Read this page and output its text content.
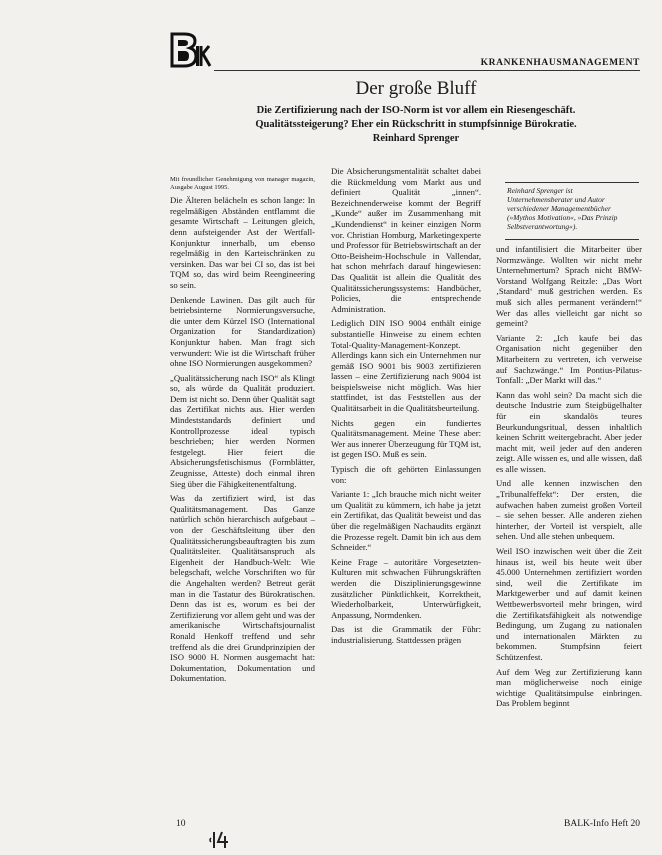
KRANKENHAUSMANAGEMENT
Der große Bluff
Die Zertifizierung nach der ISO-Norm ist vor allem ein Riesengeschäft. Qualitätssteigerung? Eher ein Rückschritt in stumpfsinnige Bürokratie.
Reinhard Sprenger

Mit freundlicher Genehmigung von manager magazin, Ausgabe August 1995.

Die Älteren belächeln es schon lange: In regelmäßigen Abständen entflammt die gesamte Wirtschaft – Leitungen gleich, denn aufsteigender Ast der Wertfall-Konjunktur innerhalb, um ebenso regelmäßig in den Karteischränken zu versinken. Das war bei CI so, das ist bei TQM so, das wird beim Reengineering so sein.

Denkende Lawinen. Das gilt auch für betriebsinterne Normierungsversuche, die unter dem Kürzel ISO (International Organization for Standardization) Konjunktur haben. Man fragt sich verwundert: Wie ist die Wirtschaft früher ohne ISO Normierungen ausgekommen?

„Qualitätssicherung nach ISO“ als Klingt so, als würde da Qualität produziert. Dem ist nicht so. Denn über Qualität sagt das Zertifikat nichts aus. Hier werden Mindeststandards definiert und Kontrollprozesse ideal typisch beschrieben; hier werden Normen festgelegt. Hier feiert die Absicherungsfetischismus (Formblätter, Zeugnisse, Atteste) doch einmal ihren Sieg über die Fähigkeitenentfaltung.

Was da zertifiziert wird, ist das Qualitätsmanagement. Das Ganze natürlich schön hierarchisch aufgebaut – von der Geschäftsleitung über den Qualitätssicherungsbeauftragten bis zum Qualitätsleiter. Qualitätsanspruch als Eigenheit der Handbuch-Welt: Wie belegschaft, welche Vorschriften wo für die Angehalten werden? Betreut gerät man in die Tastatur des Bürokratischen. Denn das ist es, worum es bei der Zertifizierung vor allem geht und was der amerikanische Wirtschaftsjournalist Ronald Henkoff treffend und sehr treffend als die drei Grundprinzipien der ISO 9000 H. Normen ausgemacht hat: Dokumentation, Dokumentation und Dokumentation.

Die Absicherungsmentalität schaltet dabei die Rückmeldung vom Markt aus und definiert Qualität „innen“. Bezeichnenderweise kommt der Begriff „Kunde“ außer im Zusammenhang mit „Kundendienst“ in keiner einzigen Norm vor. Christian Homburg, Marketingexperte und Professor für Betriebswirtschaft an der Otto-Beisheim-Hochschule in Vallendar, hat schon mehrfach darauf hingewiesen: Das Qualität ist allein die Qualität des Qualitätssicherungssystems: Handbücher, Policies, die entsprechende Administration.

Lediglich DIN ISO 9004 enthält einige substantielle Hinweise zu einem echten Total-Quality-Management-Konzept. Allerdings kann sich ein Unternehmen nur gemäß ISO 9001 bis 9003 zertifizieren lassen – eine Zertifizierung nach 9004 ist beispielsweise nicht möglich. Was hier stattfindet, ist das Feststellen aus der Qualitätsarbeit in die Qualitätsbeurteilung.

Nichts gegen ein fundiertes Qualitätsmanagement. Meine These aber: Wer aus innerer Überzeugung für TQM ist, ist gegen ISO. Muß es sein.

Typisch die oft gehörten Einlassungen von:

Variante 1: „Ich brauche mich nicht weiter um Qualität zu kümmern, ich habe ja jetzt ein Zertifikat, das Qualität beweist und das über die regelmäßigen Nachaudits ergänzt die Prozesse regelt. Damit bin ich aus dem Schneider.“

Keine Frage – autoritäre Vorgesetzten-Kulturen mit schwachen Führungskräften werden die Disziplinierungsgewinne zusätzlicher Pünktlichkeit, Korrektheit, Wiederholbarkeit, Unterwürfigkeit, Anpassung, Normdenken.

Das ist die Grammatik der Führ: industrialisierung. Stattdessen prägen

Reinhard Sprenger ist Unternehmensberater und Autor verschiedener Managementbücher (»Mythos Motivation«, »Das Prinzip Selbstverantwortung«).

und infantilisiert die Mitarbeiter über Normzwänge. Wollten wir nicht mehr Unternehmertum? Sprach nicht BMW-Vorstand Wolfgang Reitzle: „Das Wort ‚Standard‘ muß gestrichen werden. Es muß sich alles permanent verändern!“ Wer das alles vielleicht gar nicht so gemeint?

Variante 2: „Ich kaufe bei das Organisation nicht gegenüber den Mitarbeitern zu vertreten, ich verweise auf Sachzwänge.“ Im Pontius-Pilatus-Tonfall: „Der Markt will das.“

Kann das wohl sein? Da macht sich die deutsche Industrie zum Steigbügelhalter für ein skandalös teures Beurkundungsritual, dessen inhaltlich keinen Schritt weitergebracht. Aber jeder macht mit, weil jeder auf den anderen zeigt. Alle wissen es, und alle wissen, daß es alle wissen.

Und alle kennen inzwischen den „Tribunalfeffekt“: Der ersten, die aufwachen haben zumeist großen Vorteil – sie sehen besser. Alle anderen ziehen hinterher, der Vorteil ist verspielt, alle sehen. Und alle stehen unbequem.

Weil ISO inzwischen weit über die Zeit hinaus ist, weil bis heute weit über 45.000 Unternehmen zertifiziert worden sind, weil die Zertifikate im Marktgewerber und auf damit keinen Wettbewerbsvorteil mehr bringen, wird die Zertifikatsfähigkeit als notwendige Bedingung, um Zugang zu nationalen und internationalen Märkten zu bekommen. Stumpfsinn feiert Schützenfest.

Auf dem Weg zur Zertifizierung kann man möglicherweise noch einige wichtige Qualitätsimpulse einbringen. Das Problem beginnt

10	BALK-Info Heft 20
